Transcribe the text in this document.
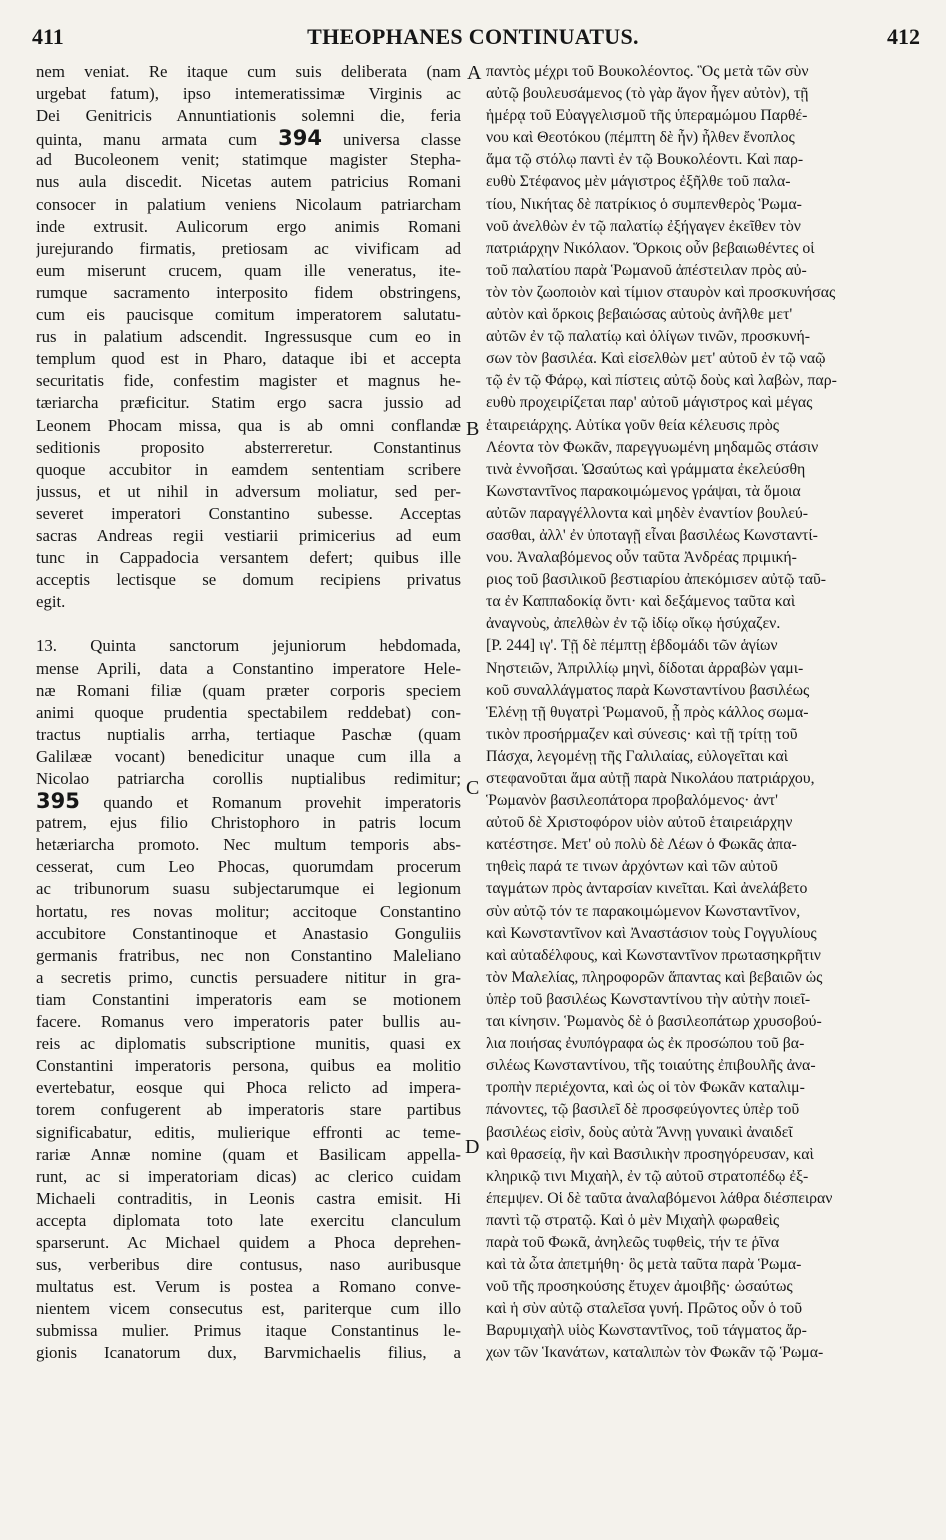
411	THEOPHANES CONTINUATUS.	412
A
B
C
D
nem veniat. Re itaque cum suis deliberata (nam
urgebat fatum), ipso intemeratissimæ Virginis ac
Dei Genitricis Annuntiationis solemni die, feria
quinta, manu armata cum 394 universa classe
ad Bucoleonem venit; statimque magister Stepha-
nus aula discedit. Nicetas autem patricius Romani
consocer in palatium veniens Nicolaum patriarcham
inde extrusit. Aulicorum ergo animis Romani
jurejurando firmatis, pretiosam ac vivificam ad
eum miserunt crucem, quam ille veneratus, ite-
rumque sacramento interposito fidem obstringens,
cum eis paucisque comitum imperatorem salutatu-
rus in palatium adscendit. Ingressusque cum eo in
templum quod est in Pharo, dataque ibi et accepta
securitatis fide, confestim magister et magnus he-
tæriarcha præficitur. Statim ergo sacra jussio ad
Leonem Phocam missa, qua is ab omni conflandæ
seditionis proposito absterreretur. Constantinus
quoque accubitor in eamdem sententiam scribere
jussus, et ut nihil in adversum moliatur, sed per-
severet imperatori Constantino subesse. Acceptas
sacras Andreas regii vestiarii primicerius ad eum
tunc in Cappadocia versantem defert; quibus ille
acceptis lectisque se domum recipiens privatus
egit.
13. Quinta sanctorum jejuniorum hebdomada,
mense Aprili, data a Constantino imperatore Hele-
næ Romani filiæ (quam præter corporis speciem
animi quoque prudentia spectabilem reddebat) con-
tractus nuptialis arrha, tertiaque Paschæ (quam
Galilææ vocant) benedicitur unaque cum illa a
Nicolao patriarcha corollis nuptialibus redimitur;
395 quando et Romanum provehit imperatoris
patrem, ejus filio Christophoro in patris locum
hetæriarcha promoto. Nec multum temporis abs-
cesserat, cum Leo Phocas, quorumdam procerum
ac tribunorum suasu subjectarumque ei legionum
hortatu, res novas molitur; accitoque Constantino
accubitore Constantinoque et Anastasio Gonguliis
germanis fratribus, nec non Constantino Maleliano
a secretis primo, cunctis persuadere nititur in gra-
tiam Constantini imperatoris eam se motionem
facere. Romanus vero imperatoris pater bullis au-
reis ac diplomatis subscriptione munitis, quasi ex
Constantini imperatoris persona, quibus ea molitio
evertebatur, eosque qui Phoca relicto ad impera-
torem confugerent ab imperatoris stare partibus
significabatur, editis, mulierique effronti ac teme-
rariæ Annæ nomine (quam et Basilicam appella-
runt, ac si imperatoriam dicas) ac clerico cuidam
Michaeli contraditis, in Leonis castra emisit. Hi
accepta diplomata toto late exercitu clanculum
sparserunt. Ac Michael quidem a Phoca deprehen-
sus, verberibus dire contusus, naso auribusque
multatus est. Verum is postea a Romano conve-
nientem vicem consecutus est, pariterque cum illo
submissa mulier. Primus itaque Constantinus le-
gionis Icanatorum dux, Barvmichaelis filius, a
παντὸς μέχρι τοῦ Βουκολέοντος. Ὃς μετὰ τῶν σὺν
αὐτῷ βουλευσάμενος (τὸ γὰρ ἄγον ἦγεν αὐτὸν), τῇ
ἡμέρᾳ τοῦ Εὐαγγελισμοῦ τῆς ὑπεραμώμου Παρθέ-
νου καὶ Θεοτόκου (πέμπτη δὲ ἦν) ἦλθεν ἔνοπλος
ἅμα τῷ στόλῳ παντὶ ἐν τῷ Βουκολέοντι. Καὶ παρ-
ευθὺ Στέφανος μὲν μάγιστρος ἐξῆλθε τοῦ παλα-
τίου, Νικήτας δὲ πατρίκιος ὁ συμπενθερὸς Ῥωμα-
νοῦ ἀνελθὼν ἐν τῷ παλατίῳ ἐξήγαγεν ἐκεῖθεν τὸν
πατριάρχην Νικόλαον. Ὅρκοις οὖν βεβαιωθέντες οἱ
τοῦ παλατίου παρὰ Ῥωμανοῦ ἀπέστειλαν πρὸς αὐ-
τὸν τὸν ζωοποιὸν καὶ τίμιον σταυρὸν καὶ προσκυνήσας
αὐτὸν καὶ ὅρκοις βεβαιώσας αὐτοὺς ἀνῆλθε μετ'
αὐτῶν ἐν τῷ παλατίῳ καὶ ὀλίγων τινῶν, προσκυνή-
σων τὸν βασιλέα. Καὶ εἰσελθὼν μετ' αὐτοῦ ἐν τῷ ναῷ
τῷ ἐν τῷ Φάρῳ, καὶ πίστεις αὐτῷ δοὺς καὶ λαβὼν, παρ-
ευθὺ προχειρίζεται παρ' αὐτοῦ μάγιστρος καὶ μέγας
ἑταιρειάρχης. Αὐτίκα γοῦν θεία κέλευσις πρὸς
Λέοντα τὸν Φωκᾶν, παρεγγυωμένη μηδαμῶς στάσιν
τινὰ ἐννοῆσαι. Ὡσαύτως καὶ γράμματα ἐκελεύσθη
Κωνσταντῖνος παρακοιμώμενος γράψαι, τὰ ὅμοια
αὐτῶν παραγγέλλοντα καὶ μηδὲν ἐναντίον βουλεύ-
σασθαι, ἀλλ' ἐν ὑποταγῇ εἶναι βασιλέως Κωνσταντί-
νου. Ἀναλαβόμενος οὖν ταῦτα Ἀνδρέας πριμική-
ριος τοῦ βασιλικοῦ βεστιαρίου ἀπεκόμισεν αὐτῷ ταῦ-
τα ἐν Καππαδοκίᾳ ὄντι· καὶ δεξάμενος ταῦτα καὶ
ἀναγνοὺς, ἀπελθὼν ἐν τῷ ἰδίῳ οἴκῳ ἡσύχαζεν.
[P. 244] ιγ'. Τῇ δὲ πέμπτῃ ἑβδομάδι τῶν ἁγίων
Νηστειῶν, Ἀπριλλίῳ μηνὶ, δίδοται ἀρραβὼν γαμι-
κοῦ συναλλάγματος παρὰ Κωνσταντίνου βασιλέως
Ἑλένῃ τῇ θυγατρὶ Ῥωμανοῦ, ᾗ πρὸς κάλλος σωμα-
τικὸν προσήρμαζεν καὶ σύνεσις· καὶ τῇ τρίτῃ τοῦ
Πάσχα, λεγομένῃ τῆς Γαλιλαίας, εὐλογεῖται καὶ
στεφανοῦται ἅμα αὐτῇ παρὰ Νικολάου πατριάρχου,
Ῥωμανὸν βασιλεοπάτορα προβαλόμενος· ἀντ'
αὐτοῦ δὲ Χριστοφόρον υἱὸν αὐτοῦ ἑταιρειάρχην
κατέστησε. Μετ' οὐ πολὺ δὲ Λέων ὁ Φωκᾶς ἀπα-
τηθεὶς παρά τε τινων ἀρχόντων καὶ τῶν αὐτοῦ
ταγμάτων πρὸς ἀνταρσίαν κινεῖται. Καὶ ἀνελάβετο
σὺν αὐτῷ τόν τε παρακοιμώμενον Κωνσταντῖνον,
καὶ Κωνσταντῖνον καὶ Ἀναστάσιον τοὺς Γογγυλίους
καὶ αὐταδέλφους, καὶ Κωνσταντῖνον πρωτασηκρῆτιν
τὸν Μαλελίας, πληροφορῶν ἅπαντας καὶ βεβαιῶν ὡς
ὑπὲρ τοῦ βασιλέως Κωνσταντίνου τὴν αὐτὴν ποιεῖ-
ται κίνησιν. Ῥωμανὸς δὲ ὁ βασιλεοπάτωρ χρυσοβού-
λια ποιήσας ἐνυπόγραφα ὡς ἐκ προσώπου τοῦ βα-
σιλέως Κωνσταντίνου, τῆς τοιαύτης ἐπιβουλῆς ἀνα-
τροπὴν περιέχοντα, καὶ ὡς οἱ τὸν Φωκᾶν καταλιμ-
πάνοντες, τῷ βασιλεῖ δὲ προσφεύγοντες ὑπὲρ τοῦ
βασιλέως εἰσὶν, δοὺς αὐτὰ Ἄννῃ γυναικὶ ἀναιδεῖ
καὶ θρασείᾳ, ἣν καὶ Βασιλικὴν προσηγόρευσαν, καὶ
κληρικῷ τινι Μιχαὴλ, ἐν τῷ αὐτοῦ στρατοπέδῳ ἐξ-
έπεμψεν. Οἱ δὲ ταῦτα ἀναλαβόμενοι λάθρα διέσπειραν
παντὶ τῷ στρατῷ. Καὶ ὁ μὲν Μιχαὴλ φωραθεὶς
παρὰ τοῦ Φωκᾶ, ἀνηλεῶς τυφθεὶς, τήν τε ῥῖνα
καὶ τὰ ὦτα ἀπετμήθη· ὃς μετὰ ταῦτα παρὰ Ῥωμα-
νοῦ τῆς προσηκούσης ἔτυχεν ἀμοιβῆς· ὡσαύτως
καὶ ἡ σὺν αὐτῷ σταλεῖσα γυνή. Πρῶτος οὖν ὁ τοῦ
Βαρυμιχαὴλ υἱὸς Κωνσταντῖνος, τοῦ τάγματος ἄρ-
χων τῶν Ἱκανάτων, καταλιπὼν τὸν Φωκᾶν τῷ Ῥωμα-
